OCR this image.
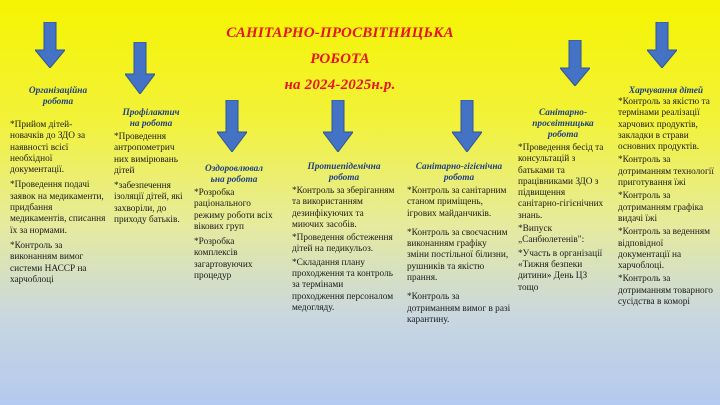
САНІТАРНО-ПРОСВІТНИЦЬКА
РОБОТА
на 2024-2025н.р.
Організаційна
робота
*Прийом дітей-новачків до ЗДО за наявності всієї необхідної документації.
*Проведення подачі заявок на медикаменти, придбання медикаментів, списання їх за нормами.
*Контроль за виконанням вимог системи НАССР на харчоблоці
Профілактич
на робота
*Проведення антропометрич них вимірювань дітей
*забезпечення ізоляції дітей, які захворіли, до приходу батьків.
Оздоровлювал
ьна робота
*Розробка раціонального режиму роботи всіх вікових груп
*Розробка комплексів загартовуючих процедур
Протиепідемічна
робота
*Контроль за зберіганням та використанням дезинфікуючих та миючих засобів.
*Проведення обстеження дітей на педикульоз.
*Складання плану проходження та контроль за термінами проходження персоналом медогляду.
Санітарно-гігієнічна
робота
*Контроль за санітарним станом приміщень, ігрових майданчиків.
*Контроль за своєчасним виконанням графіку зміни постільної білизни, рушників та якістю прання.
*Контроль за дотриманням вимог в разі карантину.
Санітарно-
просвітницька
робота
*Проведення бесід та консультацій з батьками та працівниками ЗДО з підвищення санітарно-гігієнічних знань.
*Випуск „Санбюлетенів":
*Участь в організації «Тижня безпеки дитини» День ЦЗ тощо
Харчування дітей
*Контроль за якістю та термінами реалізації харчових продуктів, закладки в страви основних продуктів.
*Контроль за дотриманням технології приготування їжі
*Контроль за дотриманням графіка видачі їжі
*Контроль за веденням відповідної документації на харчоблоці.
*Контроль за дотриманням товарного сусідства в коморі
